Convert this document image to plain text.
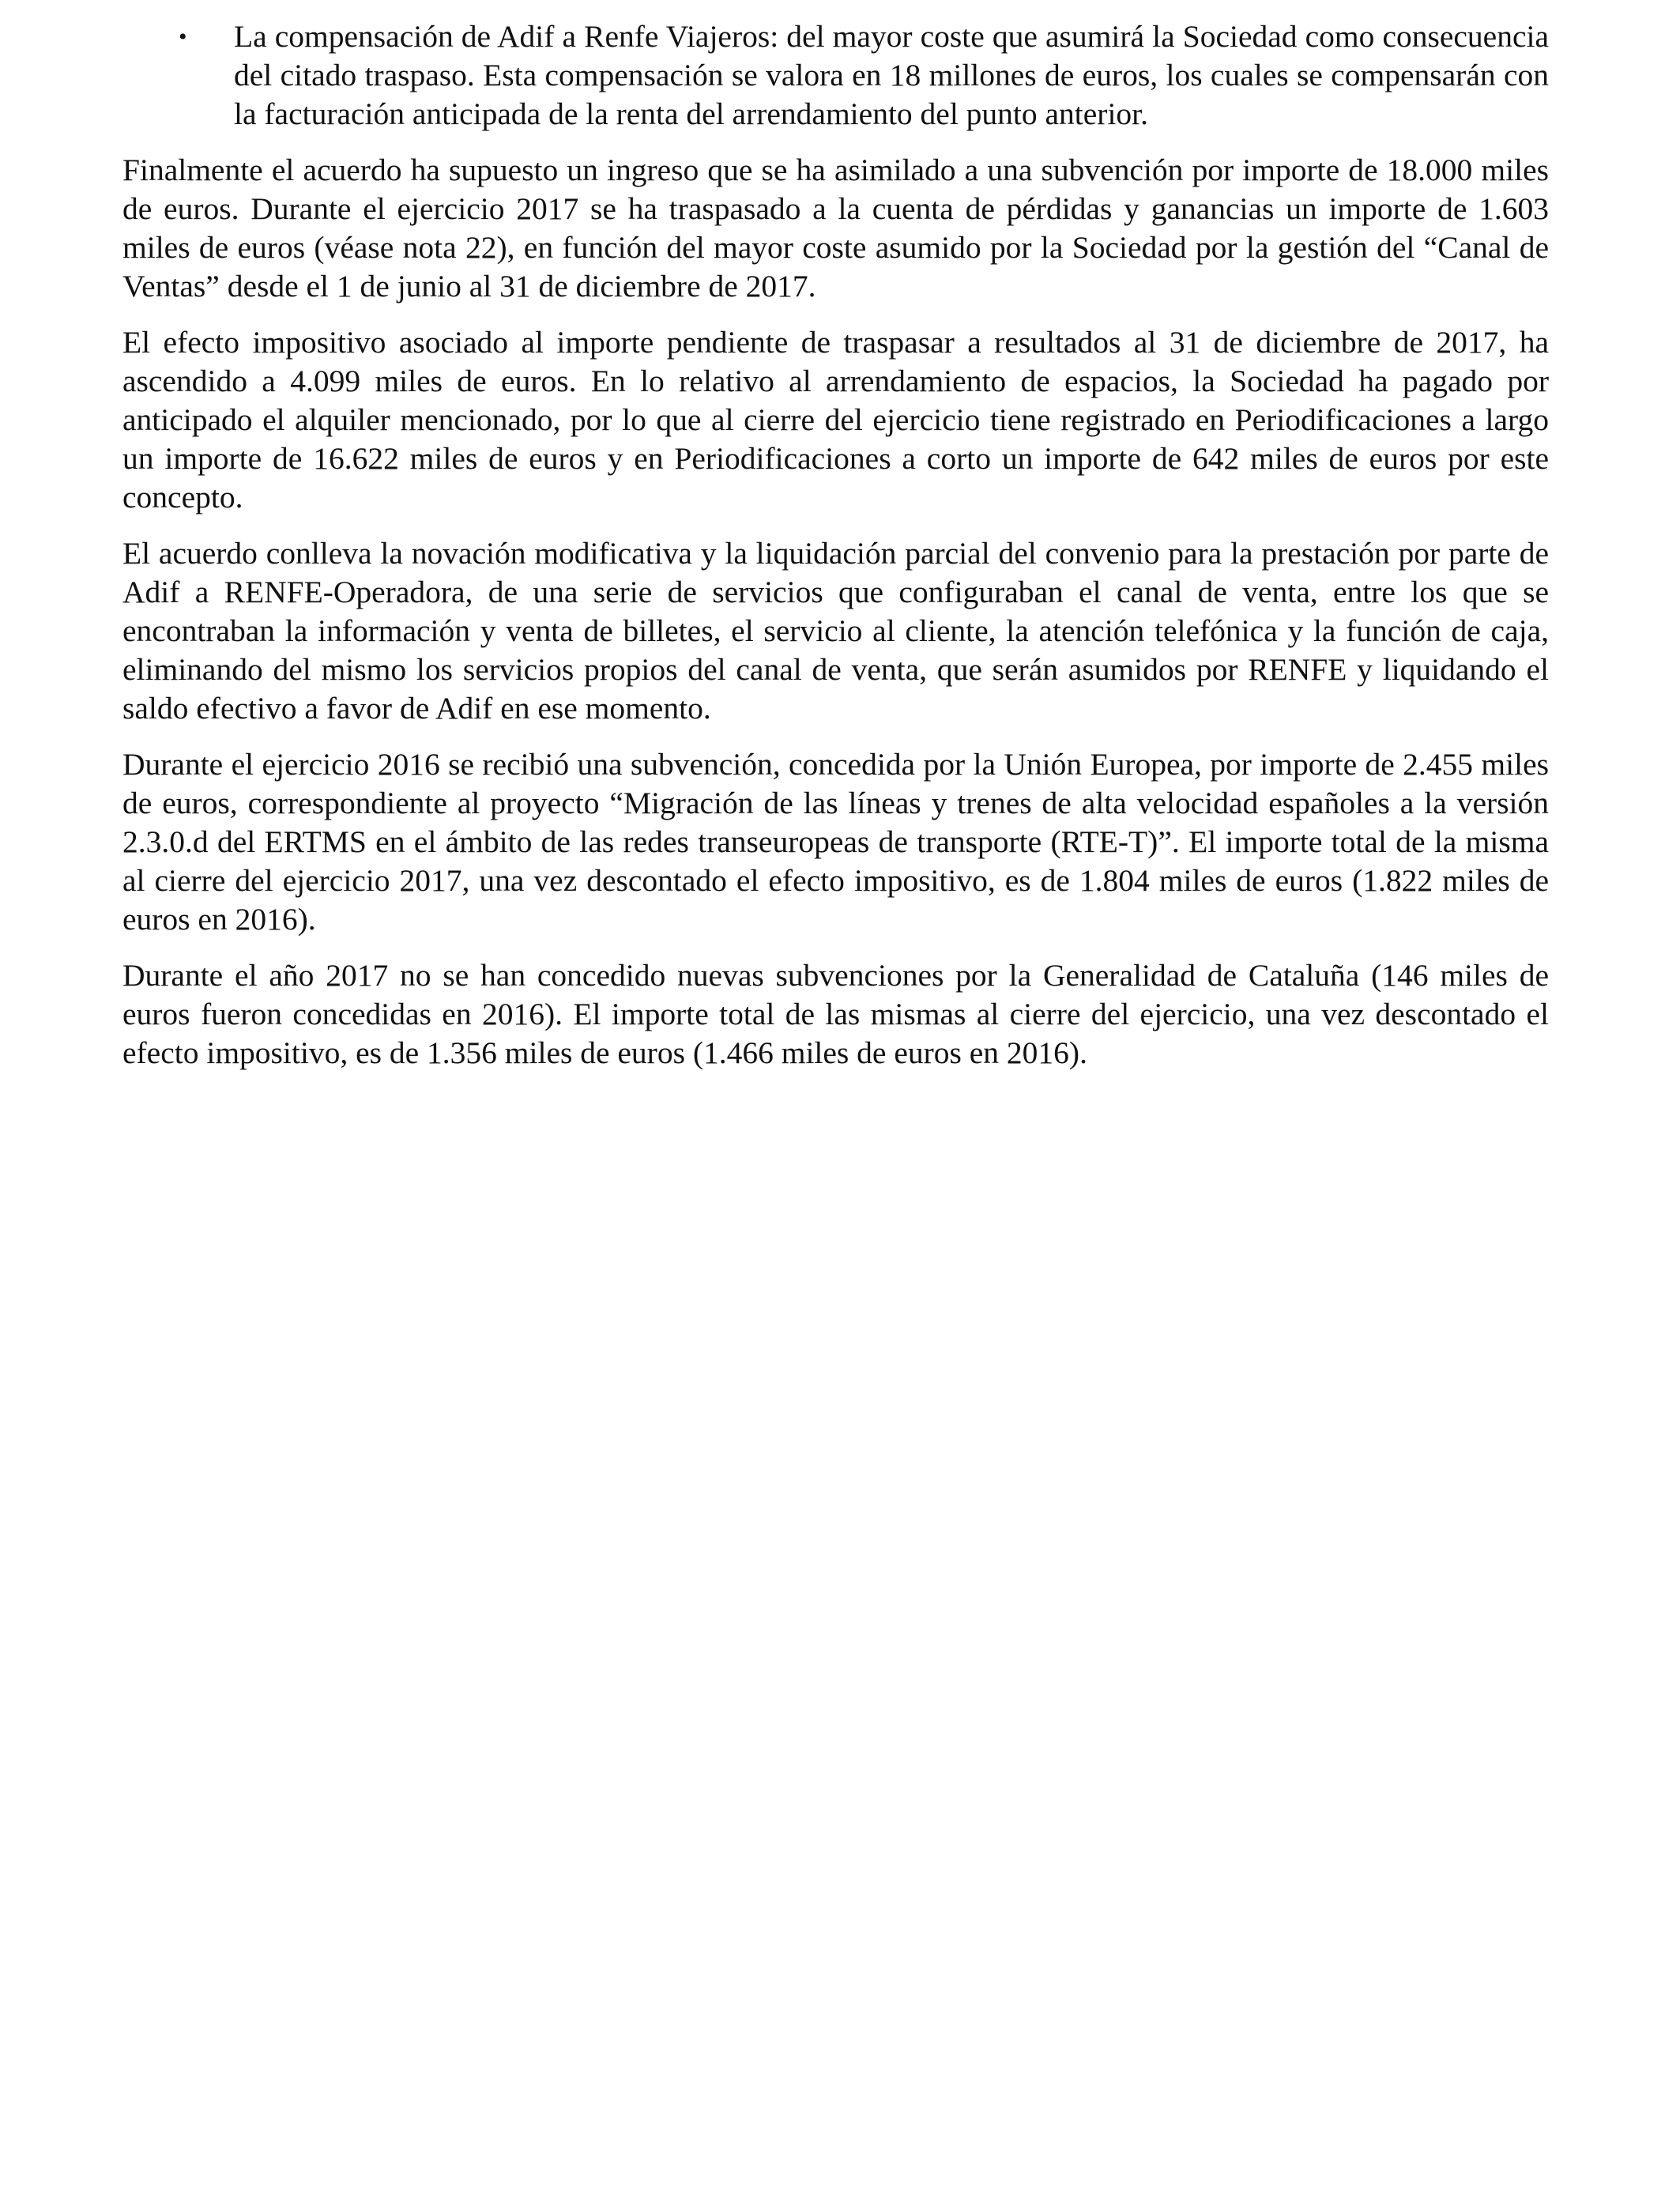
• La compensación de Adif a Renfe Viajeros: del mayor coste que asumirá la Sociedad como consecuencia del citado traspaso. Esta compensación se valora en 18 millones de euros, los cuales se compensarán con la facturación anticipada de la renta del arrendamiento del punto anterior.

Finalmente el acuerdo ha supuesto un ingreso que se ha asimilado a una subvención por importe de 18.000 miles de euros. Durante el ejercicio 2017 se ha traspasado a la cuenta de pérdidas y ganancias un importe de 1.603 miles de euros (véase nota 22), en función del mayor coste asumido por la Sociedad por la gestión del “Canal de Ventas” desde el 1 de junio al 31 de diciembre de 2017.

El efecto impositivo asociado al importe pendiente de traspasar a resultados al 31 de diciembre de 2017, ha ascendido a 4.099 miles de euros. En lo relativo al arrendamiento de espacios, la Sociedad ha pagado por anticipado el alquiler mencionado, por lo que al cierre del ejercicio tiene registrado en Periodificaciones a largo un importe de 16.622 miles de euros y en Periodificaciones a corto un importe de 642 miles de euros por este concepto.

El acuerdo conlleva la novación modificativa y la liquidación parcial del convenio para la prestación por parte de Adif a RENFE-Operadora, de una serie de servicios que configuraban el canal de venta, entre los que se encontraban la información y venta de billetes, el servicio al cliente, la atención telefónica y la función de caja, eliminando del mismo los servicios propios del canal de venta, que serán asumidos por RENFE y liquidando el saldo efectivo a favor de Adif en ese momento.

Durante el ejercicio 2016 se recibió una subvención, concedida por la Unión Europea, por importe de 2.455 miles de euros, correspondiente al proyecto “Migración de las líneas y trenes de alta velocidad españoles a la versión 2.3.0.d del ERTMS en el ámbito de las redes transeuropeas de transporte (RTE-T)”. El importe total de la misma al cierre del ejercicio 2017, una vez descontado el efecto impositivo, es de 1.804 miles de euros (1.822 miles de euros en 2016).

Durante el año 2017 no se han concedido nuevas subvenciones por la Generalidad de Cataluña (146 miles de euros fueron concedidas en 2016). El importe total de las mismas al cierre del ejercicio, una vez descontado el efecto impositivo, es de 1.356 miles de euros (1.466 miles de euros en 2016).
